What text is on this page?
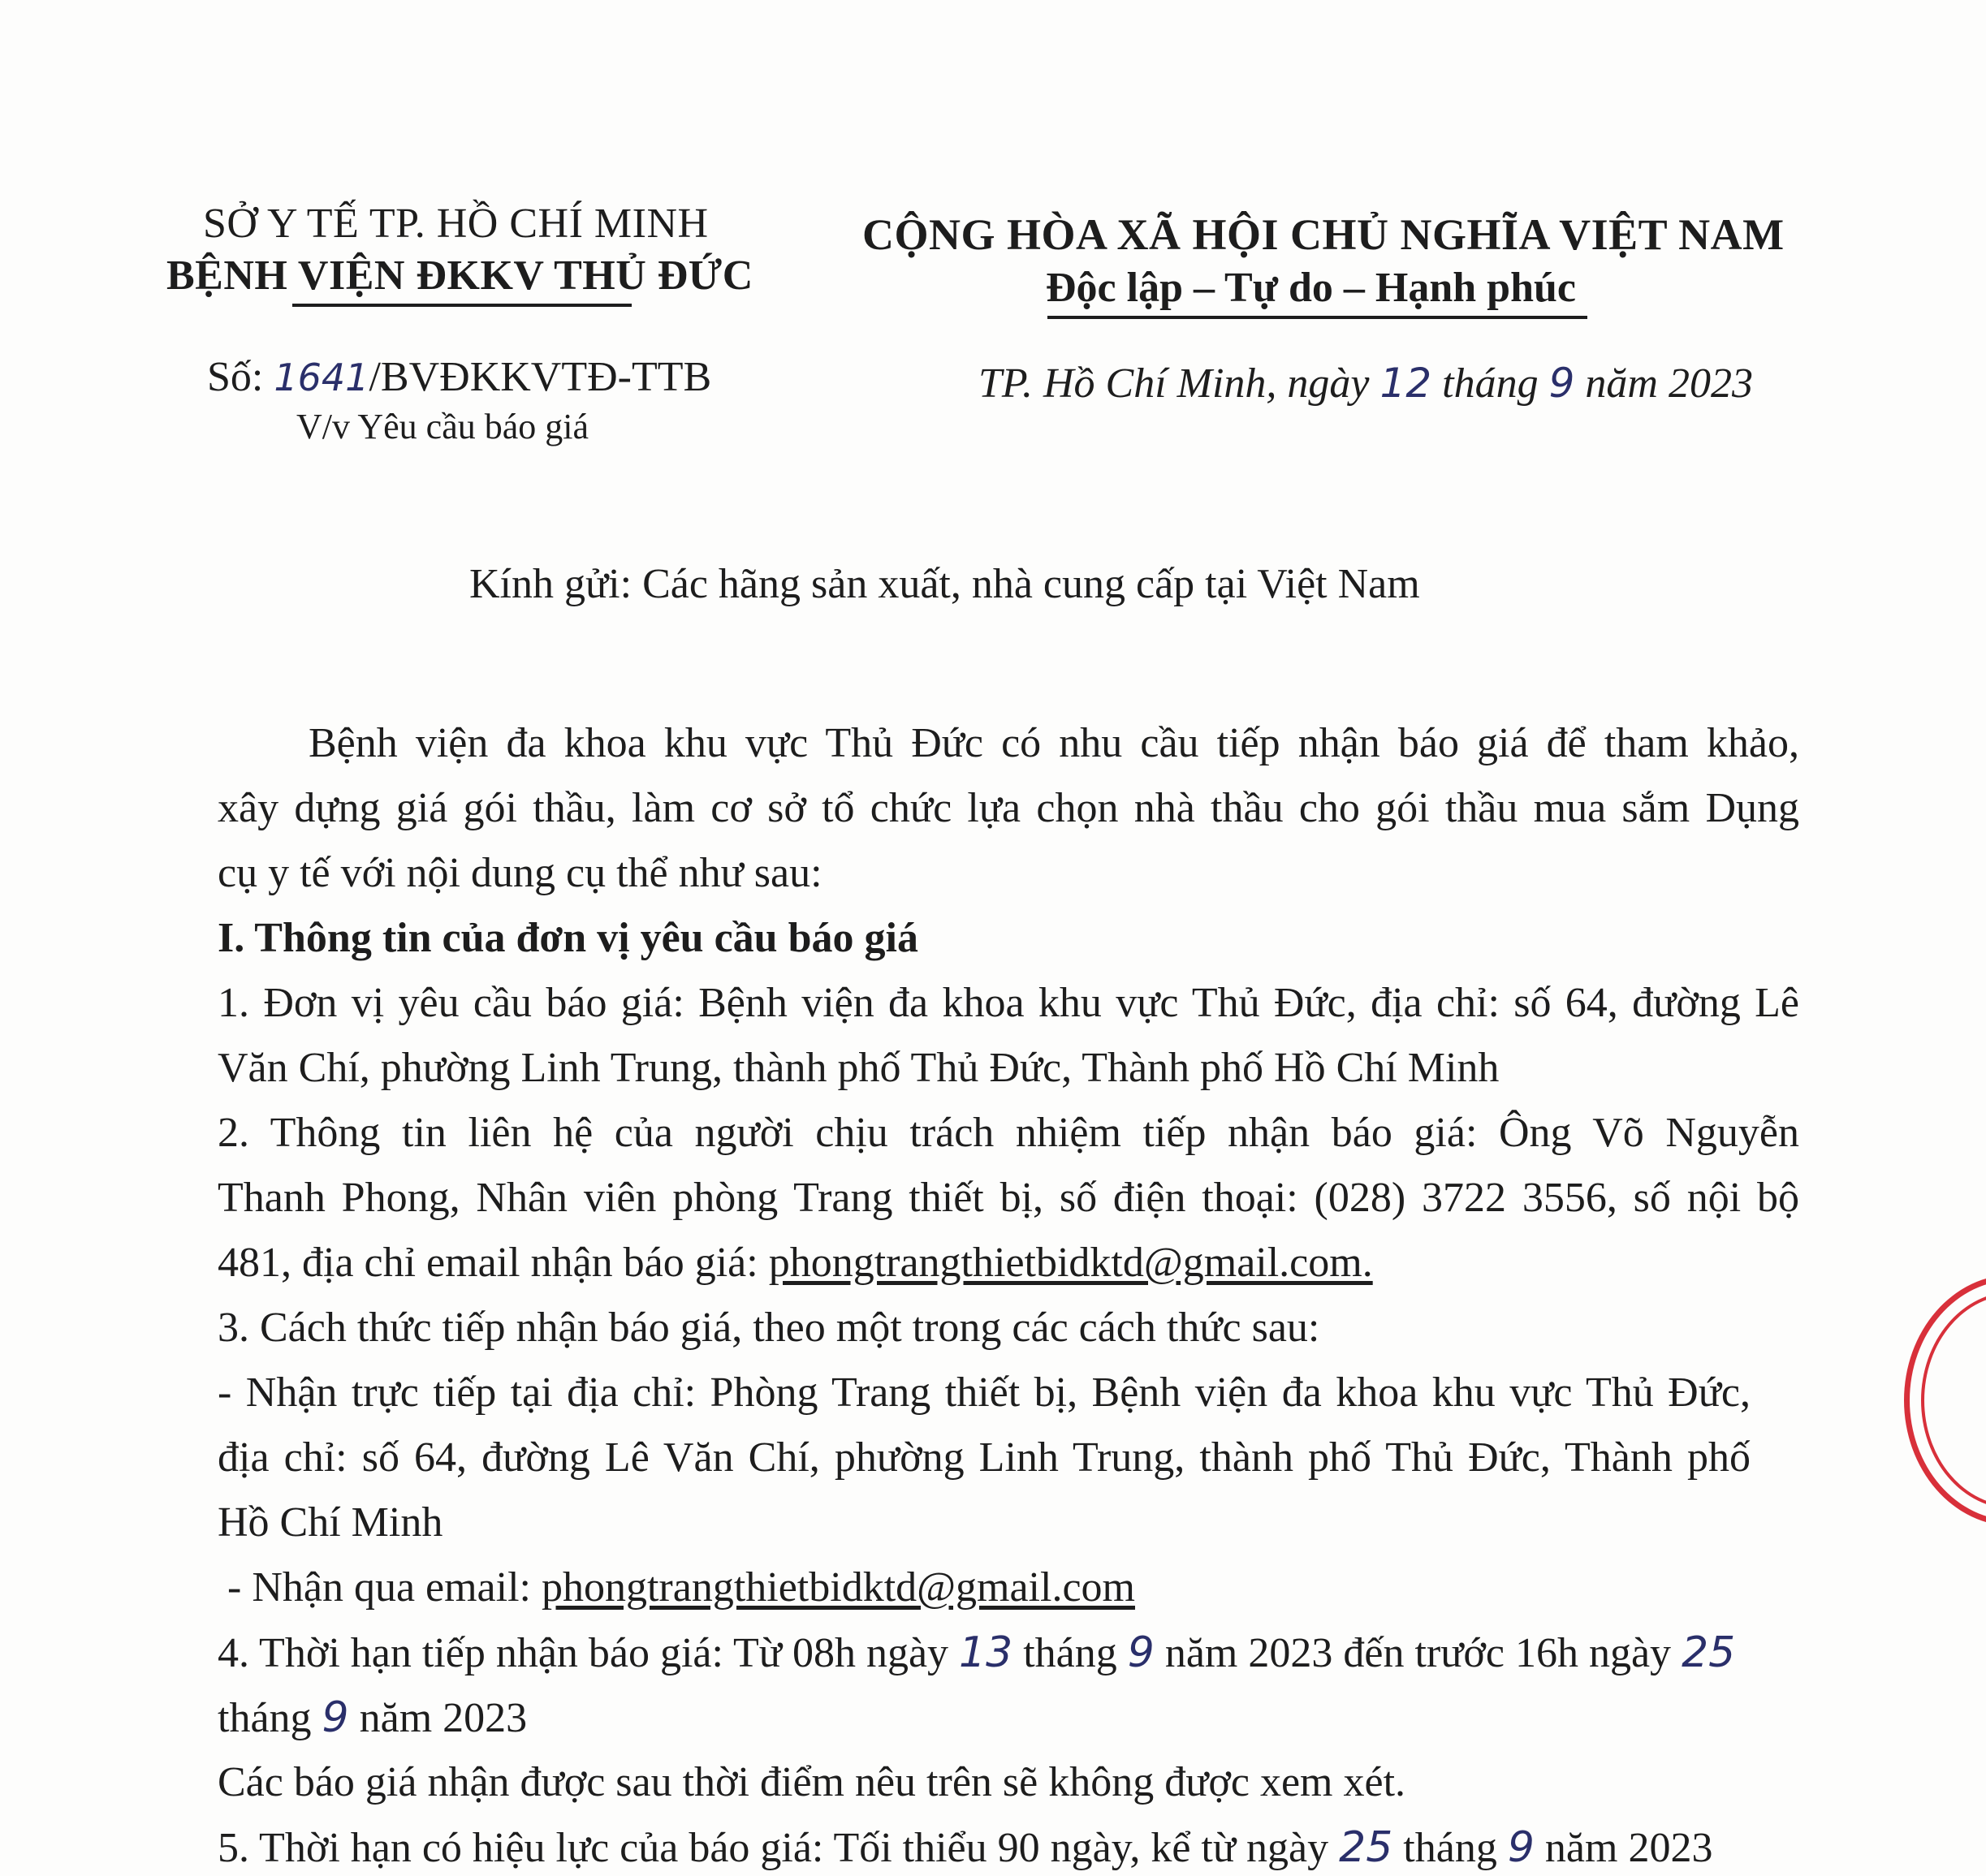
SỞ Y TẾ TP. HỒ CHÍ MINH
BỆNH VIỆN ĐKKV THỦ ĐỨC
CỘNG HÒA XÃ HỘI CHỦ NGHĨA VIỆT NAM
Độc lập – Tự do – Hạnh phúc
Số: 1641/BVĐKKVTĐ-TTB
V/v Yêu cầu báo giá
TP. Hồ Chí Minh, ngày 12 tháng 9 năm 2023
Kính gửi: Các hãng sản xuất, nhà cung cấp tại Việt Nam
Bệnh viện đa khoa khu vực Thủ Đức có nhu cầu tiếp nhận báo giá để tham khảo,
xây dựng giá gói thầu, làm cơ sở tổ chức lựa chọn nhà thầu cho gói thầu mua sắm Dụng
cụ y tế với nội dung cụ thể như sau:
I. Thông tin của đơn vị yêu cầu báo giá
1. Đơn vị yêu cầu báo giá: Bệnh viện đa khoa khu vực Thủ Đức, địa chỉ: số 64, đường Lê
Văn Chí, phường Linh Trung, thành phố Thủ Đức, Thành phố Hồ Chí Minh
2. Thông tin liên hệ của người chịu trách nhiệm tiếp nhận báo giá: Ông Võ Nguyễn
Thanh Phong, Nhân viên phòng Trang thiết bị, số điện thoại: (028) 3722 3556, số nội bộ
481, địa chỉ email nhận báo giá: phongtrangthietbidktd@gmail.com.
3. Cách thức tiếp nhận báo giá, theo một trong các cách thức sau:
- Nhận trực tiếp tại địa chỉ: Phòng Trang thiết bị, Bệnh viện đa khoa khu vực Thủ Đức,
địa chỉ: số 64, đường Lê Văn Chí, phường Linh Trung, thành phố Thủ Đức, Thành phố
Hồ Chí Minh
- Nhận qua email: phongtrangthietbidktd@gmail.com
4. Thời hạn tiếp nhận báo giá: Từ 08h ngày 13 tháng 9 năm 2023 đến trước 16h ngày 25
tháng 9 năm 2023
Các báo giá nhận được sau thời điểm nêu trên sẽ không được xem xét.
5. Thời hạn có hiệu lực của báo giá: Tối thiểu 90 ngày, kể từ ngày 25 tháng 9 năm 2023
